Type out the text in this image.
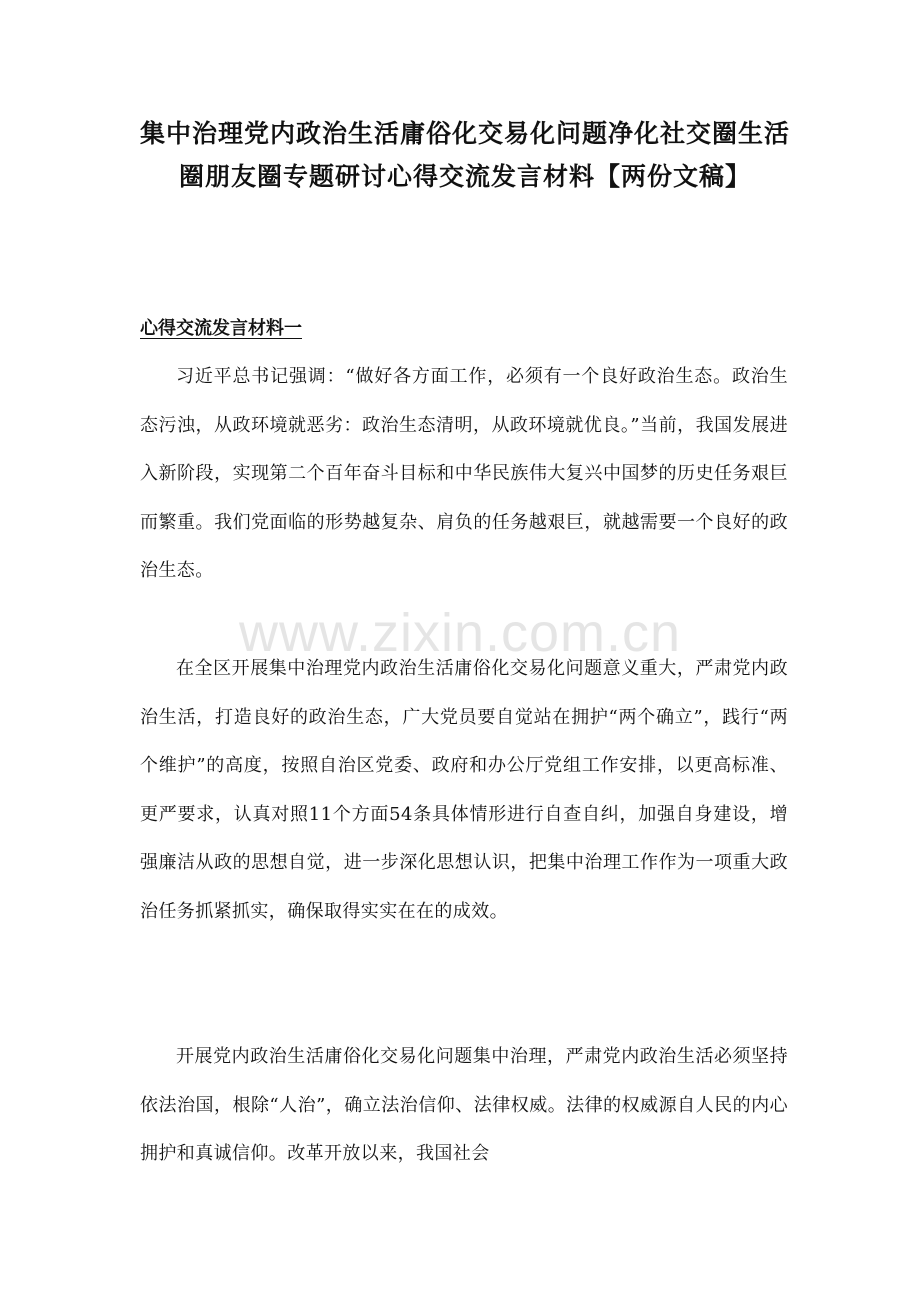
集中治理党内政治生活庸俗化交易化问题净化社交圈生活圈朋友圈专题研讨心得交流发言材料【两份文稿】
心得交流发言材料一

习近平总书记强调：“做好各方面工作，必须有一个良好政治生态。政治生态污浊，从政环境就恶劣：政治生态清明，从政环境就优良。”当前，我国发展进入新阶段，实现第二个百年奋斗目标和中华民族伟大复兴中国梦的历史任务艰巨而繁重。我们党面临的形势越复杂、肩负的任务越艰巨，就越需要一个良好的政治生态。

www.zixin.com.cn

在全区开展集中治理党内政治生活庸俗化交易化问题意义重大，严肃党内政治生活，打造良好的政治生态，广大党员要自觉站在拥护“两个确立”，践行“两个维护”的高度，按照自治区党委、政府和办公厅党组工作安排，以更高标准、更严要求，认真对照11个方面54条具体情形进行自查自纠，加强自身建设，增强廉洁从政的思想自觉，进一步深化思想认识，把集中治理工作作为一项重大政治任务抓紧抓实，确保取得实实在在的成效。

开展党内政治生活庸俗化交易化问题集中治理，严肃党内政治生活必须坚持依法治国，根除“人治”，确立法治信仰、法律权威。法律的权威源自人民的内心拥护和真诚信仰。改革开放以来，我国社会
